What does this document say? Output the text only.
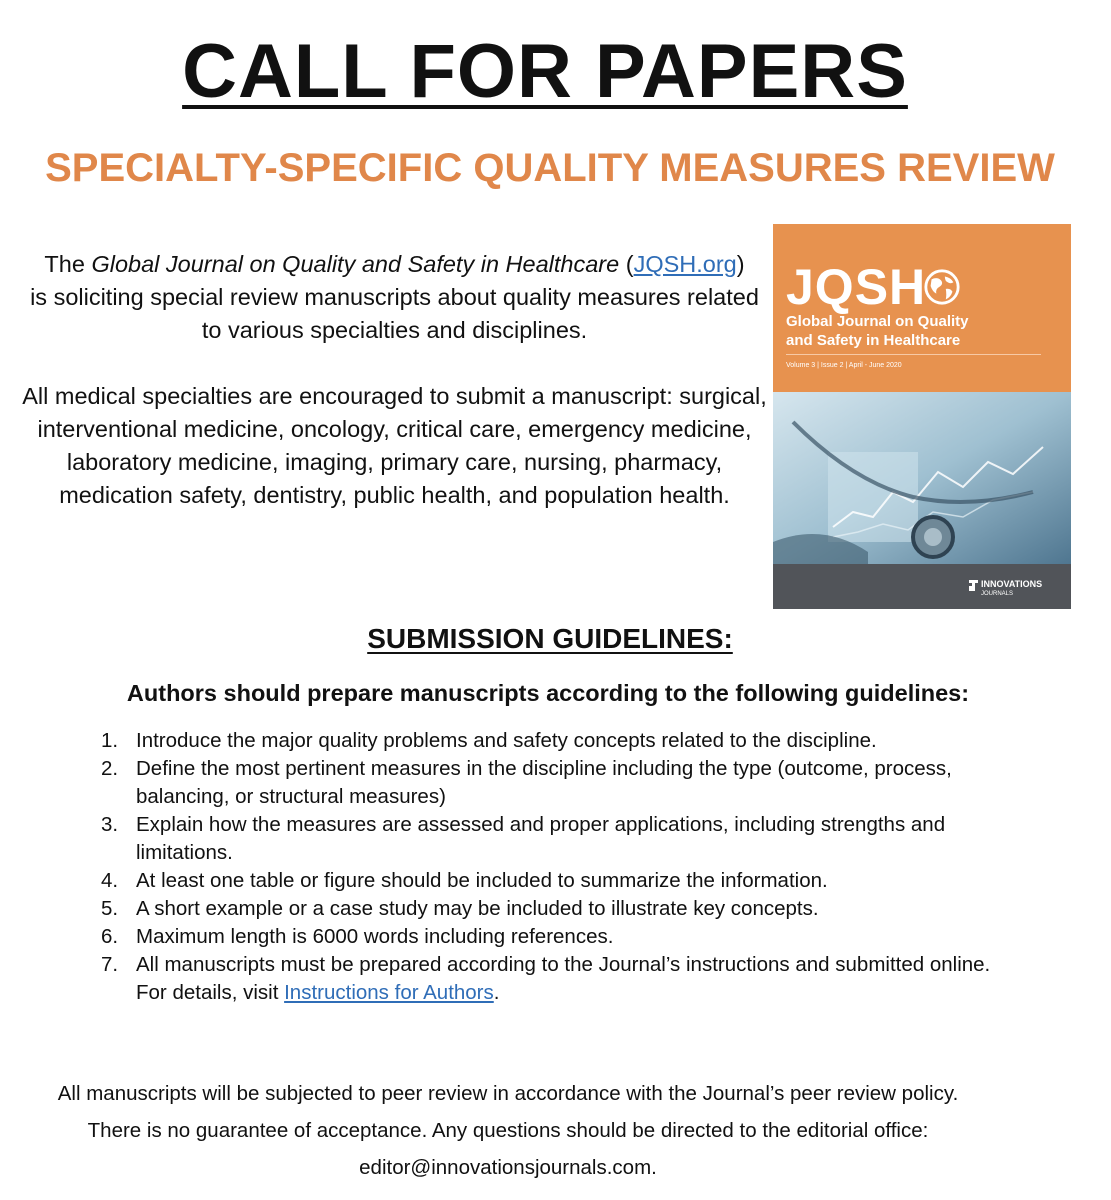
CALL FOR PAPERS
SPECIALTY-SPECIFIC QUALITY MEASURES REVIEW

The Global Journal on Quality and Safety in Healthcare (JQSH.org)
is soliciting special review manuscripts about quality measures related to various specialties and disciplines.

All medical specialties are encouraged to submit a manuscript: surgical, interventional medicine, oncology, critical care, emergency medicine, laboratory medicine, imaging, primary care, nursing, pharmacy, medication safety, dentistry, public health, and population health.

JQSH
Global Journal on Quality
and Safety in Healthcare
Volume 3 | Issue 2 | April - June 2020
INNOVATIONS
JOURNALS
SUBMISSION GUIDELINES:

Authors should prepare manuscripts according to the following guidelines:

1. Introduce the major quality problems and safety concepts related to the discipline.
2. Define the most pertinent measures in the discipline including the type (outcome, process, balancing, or structural measures)
3. Explain how the measures are assessed and proper applications, including strengths and limitations.
4. At least one table or figure should be included to summarize the information.
5. A short example or a case study may be included to illustrate key concepts.
6. Maximum length is 6000 words including references.
7. All manuscripts must be prepared according to the Journal’s instructions and submitted online. For details, visit Instructions for Authors.

All manuscripts will be subjected to peer review in accordance with the Journal’s peer review policy.

There is no guarantee of acceptance. Any questions should be directed to the editorial office:

editor@innovationsjournals.com.
